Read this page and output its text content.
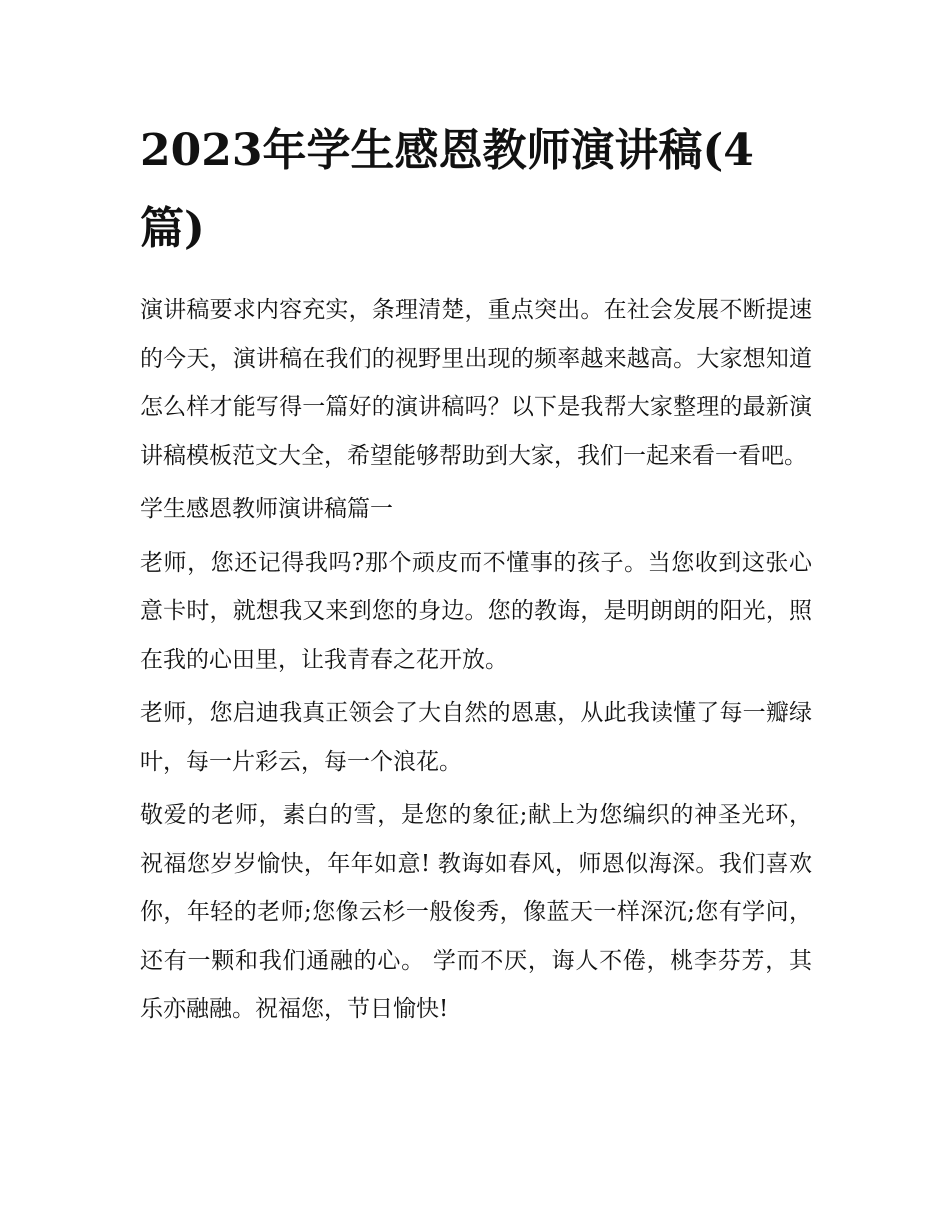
2023年学生感恩教师演讲稿(4篇)

演讲稿要求内容充实，条理清楚，重点突出。在社会发展不断提速的今天，演讲稿在我们的视野里出现的频率越来越高。大家想知道怎么样才能写得一篇好的演讲稿吗？以下是我帮大家整理的最新演讲稿模板范文大全，希望能够帮助到大家，我们一起来看一看吧。

学生感恩教师演讲稿篇一

老师，您还记得我吗?那个顽皮而不懂事的孩子。当您收到这张心意卡时，就想我又来到您的身边。您的教诲，是明朗朗的阳光，照在我的心田里，让我青春之花开放。

老师，您启迪我真正领会了大自然的恩惠，从此我读懂了每一瓣绿叶，每一片彩云，每一个浪花。

敬爱的老师，素白的雪，是您的象征;献上为您编织的神圣光环，祝福您岁岁愉快，年年如意! 教诲如春风，师恩似海深。我们喜欢你，年轻的老师;您像云杉一般俊秀，像蓝天一样深沉;您有学问，还有一颗和我们通融的心。 学而不厌，诲人不倦，桃李芬芳，其乐亦融融。祝福您，节日愉快!
